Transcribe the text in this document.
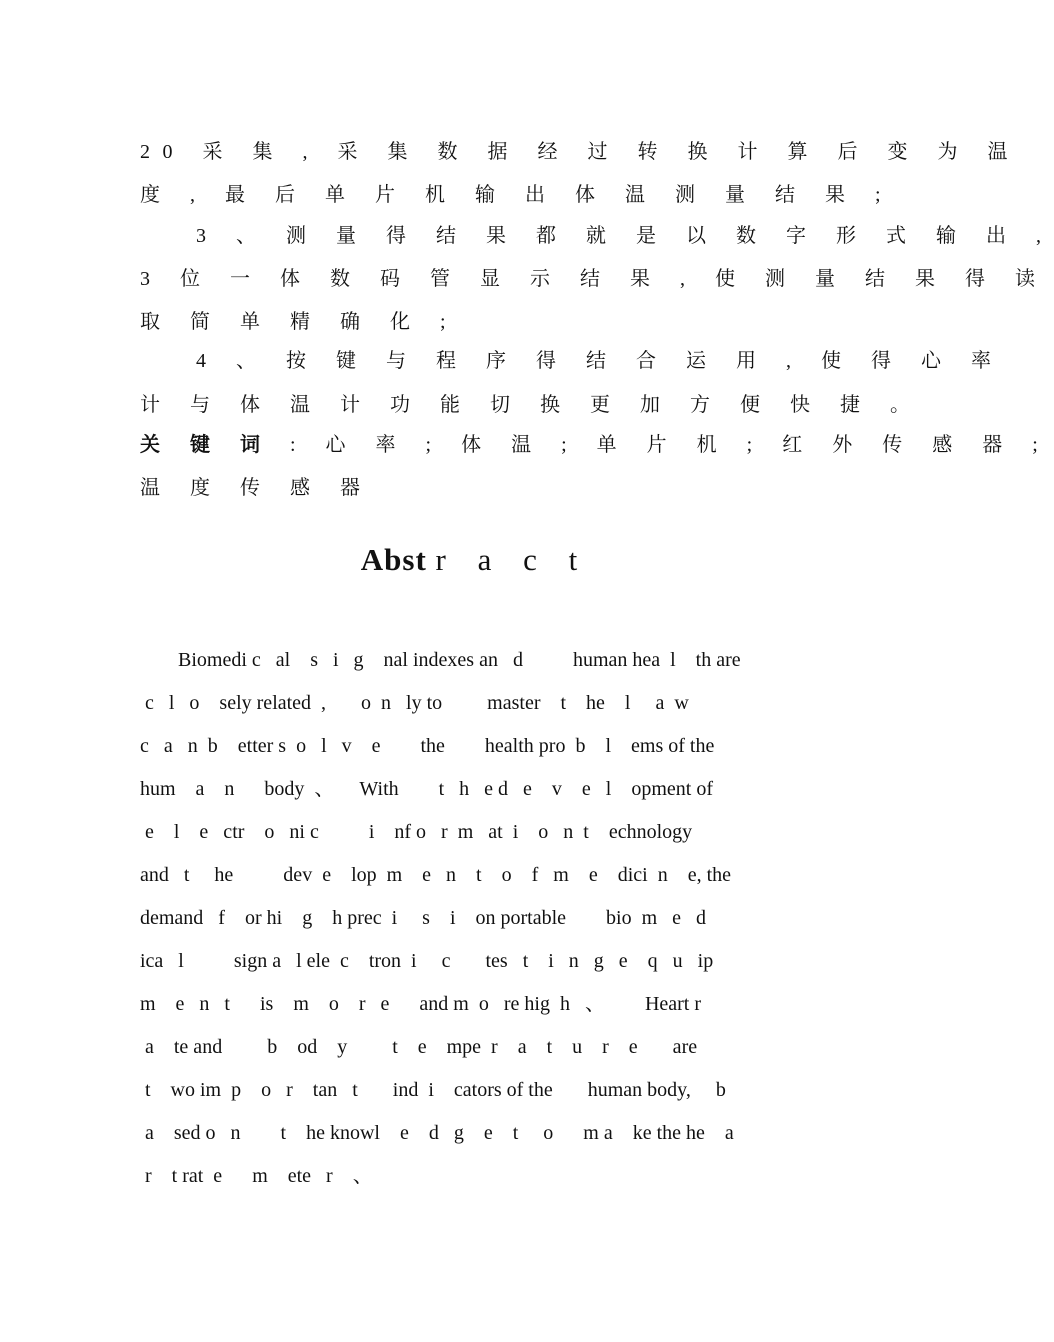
20 采 集 , 采 集 数 据 经 过 转 换 计 算 后 变 为 温
度 , 最 后 单 片 机 输 出 体 温 测 量 结 果 ;
3 、 测 量 得 结 果 都 就 是 以 数 字 形 式 输 出 ,
3 位 一 体 数 码 管 显 示 结 果 , 使 测 量 结 果 得 读
取 简 单 精 确 化 ;
4 、 按 键 与 程 序 得 结 合 运 用 , 使 得 心 率
计 与 体 温 计 功 能 切 换 更 加 方 便 快 捷 。
关 键 词 : 心 率 ; 体 温 ; 单 片 机 ; 红 外 传 感 器 ;
温 度 传 感 器
Abst r a c t
Biomedi c   al    s   i   g    nal indexes an   d          human hea  l    th are
c   l   o    sely related  ,       o  n   ly to         master    t    he    l     a  w
c   a   n  b    etter s  o   l   v    e        the        health pro  b    l    ems of the
hum    a    n      body  、     With        t   h   e d   e    v    e   l    opment of
e    l    e   ctr    o   ni c          i    nf o   r  m   at  i    o   n  t    echnology
and   t     he          dev  e    lop  m    e   n    t    o    f   m    e    dici  n    e, the
demand   f    or hi    g    h prec  i     s    i    on portable        bio  m   e   d
ica   l          sign a   l ele  c    tron  i     c       tes   t    i   n   g   e    q   u   ip
m    e   n   t      is    m    o    r   e      and m  o   re hig  h   、        Heart r
a    te and         b    od    y         t    e    mpe  r    a    t    u    r    e       are
t    wo im  p    o   r    tan   t       ind  i    cators of the       human body,     b
a    sed o   n        t    he knowl    e    d   g    e    t     o      m a    ke the he    a
r    t rat  e      m    ete   r    、
